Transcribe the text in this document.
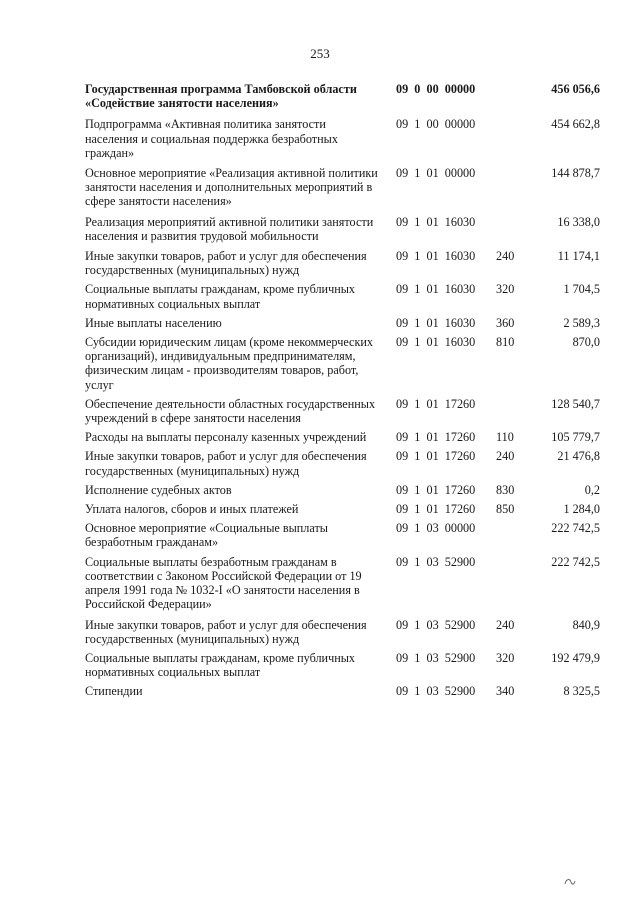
253
Государственная программа Тамбовской области «Содействие занятости населения»
09  0  00  00000	456 056,6
Подпрограмма «Активная политика занятости населения и социальная поддержка безработных граждан»
09  1  00  00000	454 662,8
Основное мероприятие «Реализация активной политики занятости населения и дополнительных мероприятий в сфере занятости населения»
09  1  01  00000	144 878,7
Реализация мероприятий активной политики занятости населения и развития трудовой мобильности
09  1  01  16030	16 338,0
Иные закупки товаров, работ и услуг для обеспечения государственных (муниципальных) нужд
09  1  01  16030 240	11 174,1
Социальные выплаты гражданам, кроме публичных нормативных социальных выплат
09  1  01  16030 320	1 704,5
Иные выплаты населению	09  1  01  16030 360	2 589,3
Субсидии юридическим лицам (кроме некоммерческих организаций), индивидуальным предпринимателям, физическим лицам - производителям товаров, работ, услуг
09  1  01  16030 810	870,0
Обеспечение деятельности областных государственных учреждений в сфере занятости населения
09  1  01  17260	128 540,7
Расходы на выплаты персоналу казенных учреждений	09  1  01  17260 110	105 779,7
Иные закупки товаров, работ и услуг для обеспечения государственных (муниципальных) нужд
09  1  01  17260 240	21 476,8
Исполнение судебных актов	09  1  01  17260 830	0,2
Уплата налогов, сборов и иных платежей	09  1  01  17260 850	1 284,0
Основное мероприятие «Социальные выплаты безработным гражданам»
09  1  03  00000	222 742,5
Социальные выплаты безработным гражданам в соответствии с Законом Российской Федерации от 19 апреля 1991 года № 1032-I «О занятости населения в Российской Федерации»
09  1  03  52900	222 742,5
Иные закупки товаров, работ и услуг для обеспечения государственных (муниципальных) нужд
09  1  03  52900 240	840,9
Социальные выплаты гражданам, кроме публичных нормативных социальных выплат
09  1  03  52900 320	192 479,9
Стипендии	09  1  03  52900 340	8 325,5
